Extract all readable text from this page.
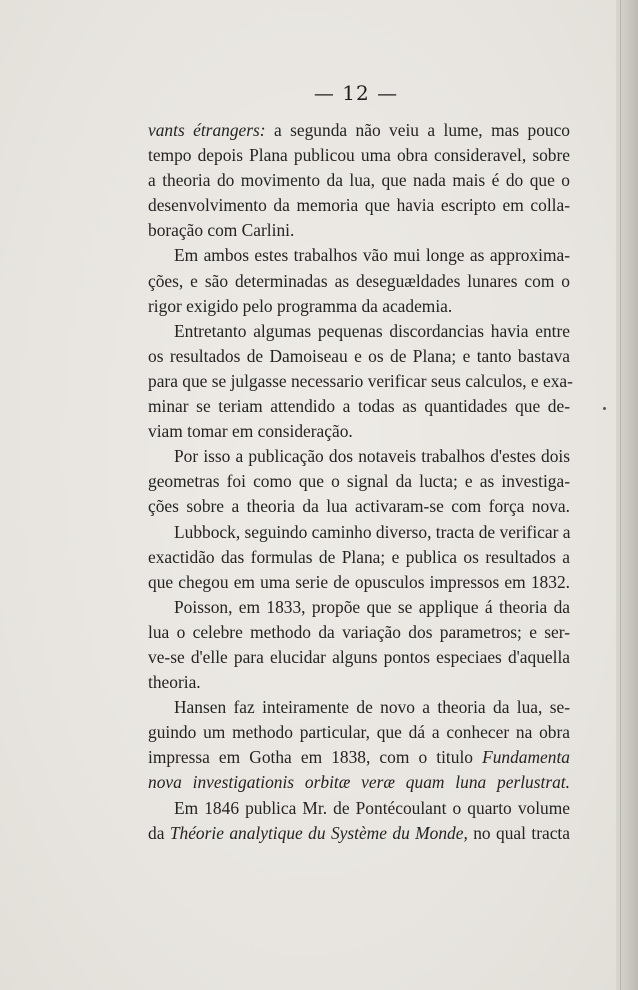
— 12 —
vants étrangers: a segunda não veiu a lume, mas pouco
tempo depois Plana publicou uma obra consideravel, sobre
a theoria do movimento da lua, que nada mais é do que o
desenvolvimento da memoria que havia escripto em colla-
boração com Carlini.
Em ambos estes trabalhos vão mui longe as approxima-
ções, e são determinadas as deseguældades lunares com o
rigor exigido pelo programma da academia.
Entretanto algumas pequenas discordancias havia entre
os resultados de Damoiseau e os de Plana; e tanto bastava
para que se julgasse necessario verificar seus calculos, e exa-
minar se teriam attendido a todas as quantidades que de-
viam tomar em consideração.
Por isso a publicação dos notaveis trabalhos d'estes dois
geometras foi como que o signal da lucta; e as investiga-
ções sobre a theoria da lua activaram-se com força nova.
Lubbock, seguindo caminho diverso, tracta de verificar a
exactidão das formulas de Plana; e publica os resultados a
que chegou em uma serie de opusculos impressos em 1832.
Poisson, em 1833, propõe que se applique á theoria da
lua o celebre methodo da variação dos parametros; e ser-
ve-se d'elle para elucidar alguns pontos especiaes d'aquella
theoria.
Hansen faz inteiramente de novo a theoria da lua, se-
guindo um methodo particular, que dá a conhecer na obra
impressa em Gotha em 1838, com o titulo Fundamenta
nova investigationis orbitæ veræ quam luna perlustrat.
Em 1846 publica Mr. de Pontécoulant o quarto volume
da Théorie analytique du Système du Monde, no qual tracta
